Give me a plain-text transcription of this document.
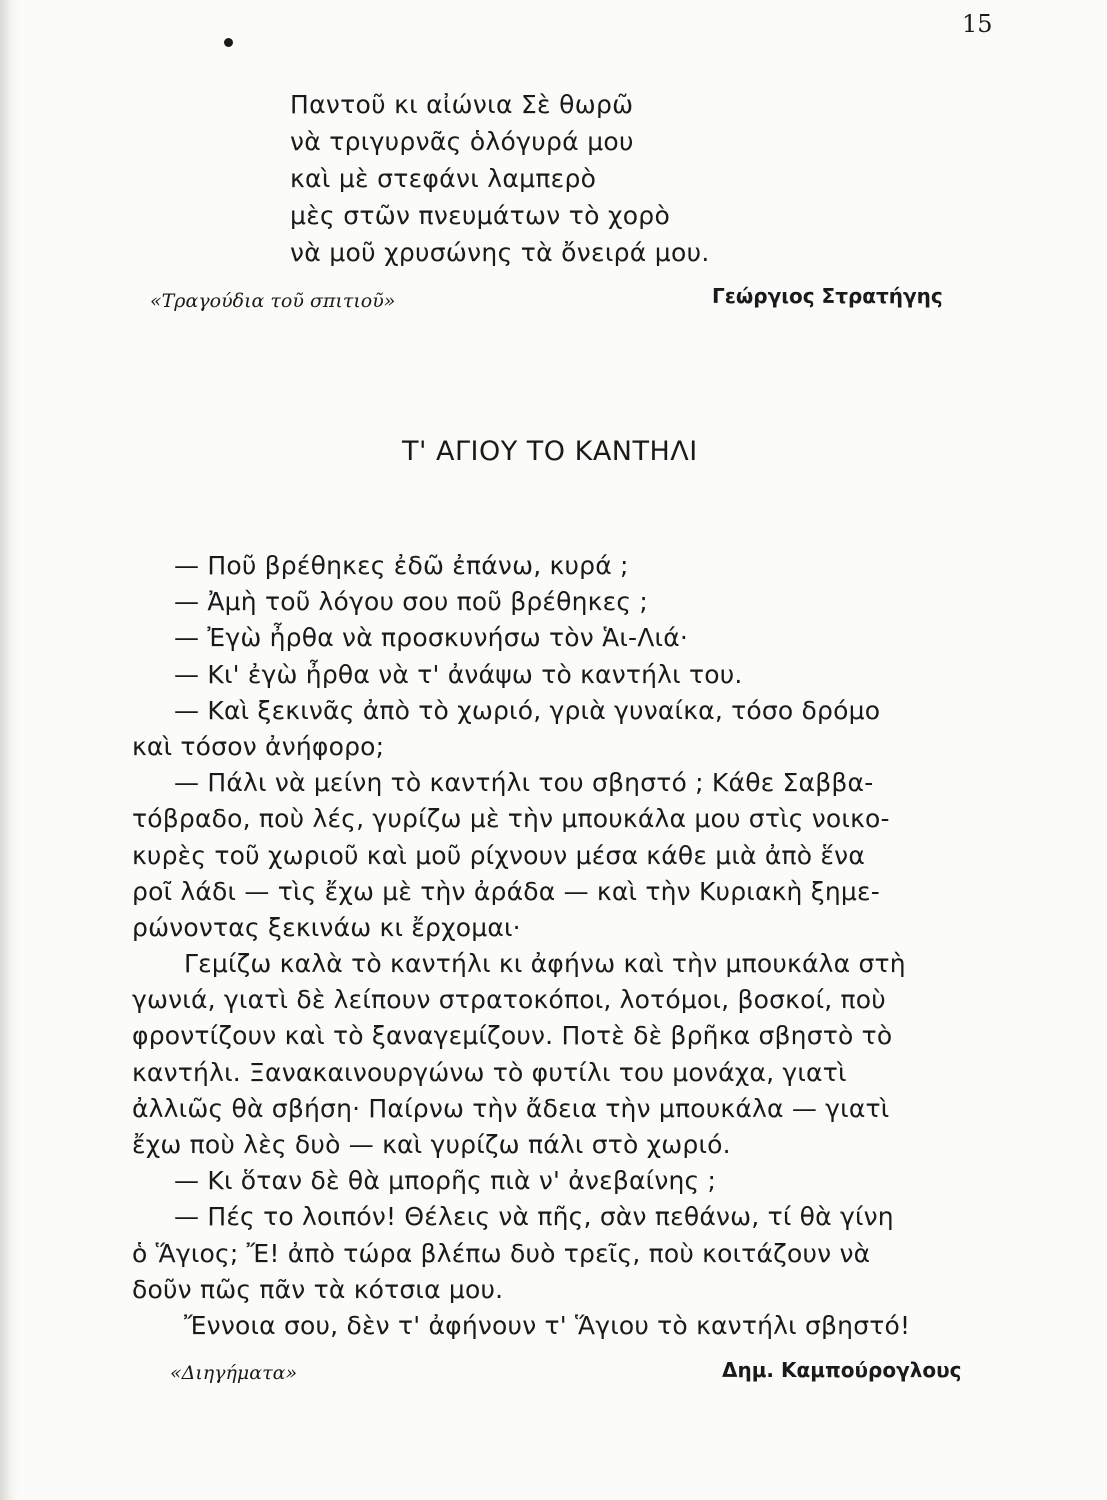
15
Παντοῦ κι αἰώνια Σὲ θωρῶ
νὰ τριγυρνᾶς ὁλόγυρά μου
καὶ μὲ στεφάνι λαμπερὸ
μὲς στῶν πνευμάτων τὸ χορὸ
νὰ μοῦ χρυσώνης τὰ ὄνειρά μου.
«Τραγούδια τοῦ σπιτιοῦ»	Γεώργιος Στρατήγης
Τ' ΑΓΙΟΥ ΤΟ ΚΑΝΤΗΛΙ
— Ποῦ βρέθηκες ἐδῶ ἐπάνω, κυρά ;
— Ἀμὴ τοῦ λόγου σου ποῦ βρέθηκες ;
— Ἐγὼ ἦρθα νὰ προσκυνήσω τὸν Ἁι-Λιά·
— Κι' ἐγὼ ἦρθα νὰ τ' ἀνάψω τὸ καντήλι του.
— Καὶ ξεκινᾶς ἀπὸ τὸ χωριό, γριὰ γυναίκα, τόσο δρόμο
καὶ τόσον ἀνήφορο;
— Πάλι νὰ μείνη τὸ καντήλι του σβηστό ; Κάθε Σαββα-
τόβραδο, ποὺ λές, γυρίζω μὲ τὴν μπουκάλα μου στὶς νοικο-
κυρὲς τοῦ χωριοῦ καὶ μοῦ ρίχνουν μέσα κάθε μιὰ ἀπὸ ἕνα
ροῖ λάδι — τὶς ἔχω μὲ τὴν ἀράδα — καὶ τὴν Κυριακὴ ξημε-
ρώνοντας ξεκινάω κι ἔρχομαι·
Γεμίζω καλὰ τὸ καντήλι κι ἀφήνω καὶ τὴν μπουκάλα στὴ
γωνιά, γιατὶ δὲ λείπουν στρατοκόποι, λοτόμοι, βοσκοί, ποὺ
φροντίζουν καὶ τὸ ξαναγεμίζουν. Ποτὲ δὲ βρῆκα σβηστὸ τὸ
καντήλι. Ξανακαινουργώνω τὸ φυτίλι του μονάχα, γιατὶ
ἀλλιῶς θὰ σβήση· Παίρνω τὴν ἄδεια τὴν μπουκάλα — γιατὶ
ἔχω ποὺ λὲς δυὸ — καὶ γυρίζω πάλι στὸ χωριό.
— Κι ὅταν δὲ θὰ μπορῆς πιὰ ν' ἀνεβαίνης ;
— Πές το λοιπόν! Θέλεις νὰ πῆς, σὰν πεθάνω, τί θὰ γίνη
ὁ Ἅγιος; Ἔ! ἀπὸ τώρα βλέπω δυὸ τρεῖς, ποὺ κοιτάζουν νὰ
δοῦν πῶς πᾶν τὰ κότσια μου.
Ἔννοια σου, δὲν τ' ἀφήνουν τ' Ἅγιου τὸ καντήλι σβηστό!
«Διηγήματα»	Δημ. Καμπούρογλους
